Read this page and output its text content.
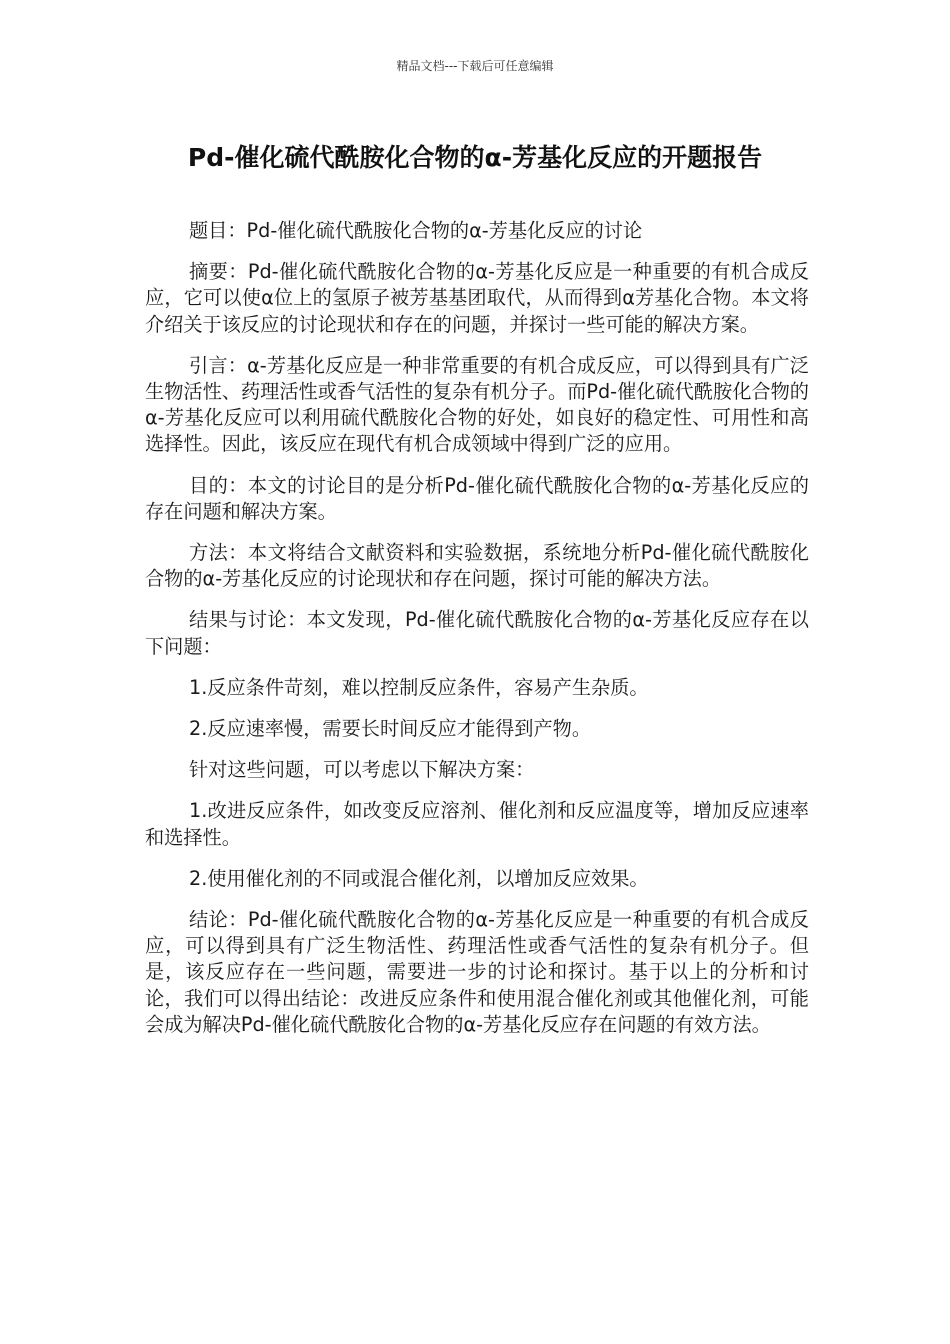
精品文档---下载后可任意编辑
Pd-催化硫代酰胺化合物的α-芳基化反应的开题报告

题目：Pd-催化硫代酰胺化合物的α-芳基化反应的讨论

摘要：Pd-催化硫代酰胺化合物的α-芳基化反应是一种重要的有机合成反应，它可以使α位上的氢原子被芳基基团取代，从而得到α芳基化合物。本文将介绍关于该反应的讨论现状和存在的问题，并探讨一些可能的解决方案。

引言：α-芳基化反应是一种非常重要的有机合成反应，可以得到具有广泛生物活性、药理活性或香气活性的复杂有机分子。而Pd-催化硫代酰胺化合物的α-芳基化反应可以利用硫代酰胺化合物的好处，如良好的稳定性、可用性和高选择性。因此，该反应在现代有机合成领域中得到广泛的应用。

目的：本文的讨论目的是分析Pd-催化硫代酰胺化合物的α-芳基化反应的存在问题和解决方案。

方法：本文将结合文献资料和实验数据，系统地分析Pd-催化硫代酰胺化合物的α-芳基化反应的讨论现状和存在问题，探讨可能的解决方法。

结果与讨论：本文发现，Pd-催化硫代酰胺化合物的α-芳基化反应存在以下问题：

1.反应条件苛刻，难以控制反应条件，容易产生杂质。

2.反应速率慢，需要长时间反应才能得到产物。

针对这些问题，可以考虑以下解决方案：

1.改进反应条件，如改变反应溶剂、催化剂和反应温度等，增加反应速率和选择性。

2.使用催化剂的不同或混合催化剂，以增加反应效果。

结论：Pd-催化硫代酰胺化合物的α-芳基化反应是一种重要的有机合成反应，可以得到具有广泛生物活性、药理活性或香气活性的复杂有机分子。但是，该反应存在一些问题，需要进一步的讨论和探讨。基于以上的分析和讨论，我们可以得出结论：改进反应条件和使用混合催化剂或其他催化剂，可能会成为解决Pd-催化硫代酰胺化合物的α-芳基化反应存在问题的有效方法。
